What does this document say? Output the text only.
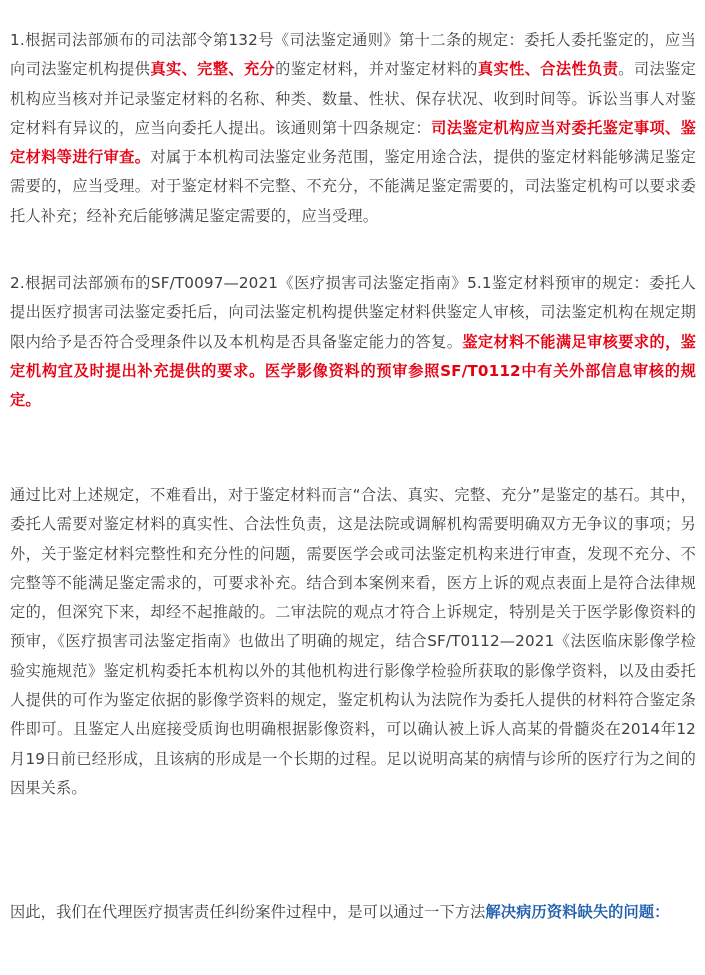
1.根据司法部颁布的司法部令第132号《司法鉴定通则》第十二条的规定：委托人委托鉴定的，应当向司法鉴定机构提供真实、完整、充分的鉴定材料，并对鉴定材料的真实性、合法性负责。司法鉴定机构应当核对并记录鉴定材料的名称、种类、数量、性状、保存状况、收到时间等。诉讼当事人对鉴定材料有异议的，应当向委托人提出。该通则第十四条规定：司法鉴定机构应当对委托鉴定事项、鉴定材料等进行审查。对属于本机构司法鉴定业务范围，鉴定用途合法，提供的鉴定材料能够满足鉴定需要的，应当受理。对于鉴定材料不完整、不充分，不能满足鉴定需要的，司法鉴定机构可以要求委托人补充；经补充后能够满足鉴定需要的，应当受理。

2.根据司法部颁布的SF/T0097—2021《医疗损害司法鉴定指南》5.1鉴定材料预审的规定：委托人提出医疗损害司法鉴定委托后，向司法鉴定机构提供鉴定材料供鉴定人审核，司法鉴定机构在规定期限内给予是否符合受理条件以及本机构是否具备鉴定能力的答复。鉴定材料不能满足审核要求的，鉴定机构宜及时提出补充提供的要求。医学影像资料的预审参照SF/T0112中有关外部信息审核的规定。

通过比对上述规定，不难看出，对于鉴定材料而言“合法、真实、完整、充分”是鉴定的基石。其中，委托人需要对鉴定材料的真实性、合法性负责，这是法院或调解机构需要明确双方无争议的事项；另外，关于鉴定材料完整性和充分性的问题，需要医学会或司法鉴定机构来进行审查，发现不充分、不完整等不能满足鉴定需求的，可要求补充。结合到本案例来看，医方上诉的观点表面上是符合法律规定的，但深究下来，却经不起推敲的。二审法院的观点才符合上诉规定，特别是关于医学影像资料的预审，《医疗损害司法鉴定指南》也做出了明确的规定，结合SF/T0112—2021《法医临床影像学检验实施规范》鉴定机构委托本机构以外的其他机构进行影像学检验所获取的影像学资料，以及由委托人提供的可作为鉴定依据的影像学资料的规定，鉴定机构认为法院作为委托人提供的材料符合鉴定条件即可。且鉴定人出庭接受质询也明确根据影像资料，可以确认被上诉人高某的骨髓炎在2014年12月19日前已经形成，且该病的形成是一个长期的过程。足以说明高某的病情与诊所的医疗行为之间的因果关系。

因此，我们在代理医疗损害责任纠纷案件过程中，是可以通过一下方法解决病历资料缺失的问题：
